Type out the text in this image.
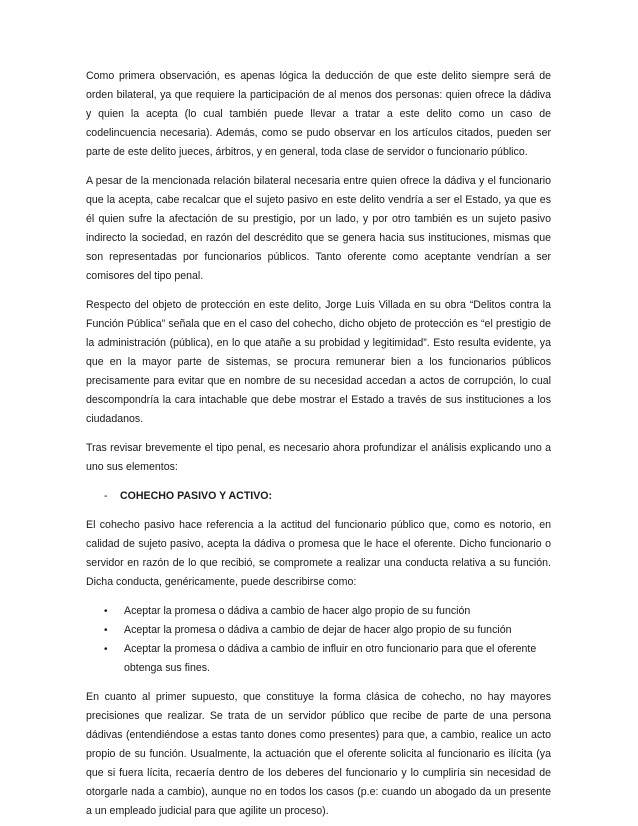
Como primera observación, es apenas lógica la deducción de que este delito siempre será de orden bilateral, ya que requiere la participación de al menos dos personas: quien ofrece la dádiva y quien la acepta (lo cual también puede llevar a tratar a este delito como un caso de codelincuencia necesaria). Además, como se pudo observar en los artículos citados, pueden ser parte de este delito jueces, árbitros, y en general, toda clase de servidor o funcionario público.

A pesar de la mencionada relación bilateral necesaria entre quien ofrece la dádiva y el funcionario que la acepta, cabe recalcar que el sujeto pasivo en este delito vendría a ser el Estado, ya que es él quien sufre la afectación de su prestigio, por un lado, y por otro también es un sujeto pasivo indirecto la sociedad, en razón del descrédito que se genera hacia sus instituciones, mismas que son representadas por funcionarios públicos. Tanto oferente como aceptante vendrían a ser comisores del tipo penal.

Respecto del objeto de protección en este delito, Jorge Luis Villada en su obra “Delitos contra la Función Pública” señala que en el caso del cohecho, dicho objeto de protección es “el prestigio de la administración (pública), en lo que atañe a su probidad y legitimidad”. Esto resulta evidente, ya que en la mayor parte de sistemas, se procura remunerar bien a los funcionarios públicos precisamente para evitar que en nombre de su necesidad accedan a actos de corrupción, lo cual descompondría la cara intachable que debe mostrar el Estado a través de sus instituciones a los ciudadanos.

Tras revisar brevemente el tipo penal, es necesario ahora profundizar el análisis explicando uno a uno sus elementos:

-	COHECHO PASIVO Y ACTIVO:

El cohecho pasivo hace referencia a la actitud del funcionario público que, como es notorio, en calidad de sujeto pasivo, acepta la dádiva o promesa que le hace el oferente. Dicho funcionario o servidor en razón de lo que recibió, se compromete a realizar una conducta relativa a su función. Dicha conducta, genéricamente, puede describirse como:

•	Aceptar la promesa o dádiva a cambio de hacer algo propio de su función
•	Aceptar la promesa o dádiva a cambio de dejar de hacer algo propio de su función
•	Aceptar la promesa o dádiva a cambio de influir en otro funcionario para que el oferente obtenga sus fines.

En cuanto al primer supuesto, que constituye la forma clásica de cohecho, no hay mayores precisiones que realizar. Se trata de un servidor público que recibe de parte de una persona dádivas (entendiéndose a estas tanto dones como presentes) para que, a cambio, realice un acto propio de su función. Usualmente, la actuación que el oferente solicita al funcionario es ilícita (ya que si fuera lícita, recaería dentro de los deberes del funcionario y lo cumpliría sin necesidad de otorgarle nada a cambio), aunque no en todos los casos (p.e: cuando un abogado da un presente a un empleado judicial para que agilite un proceso).
